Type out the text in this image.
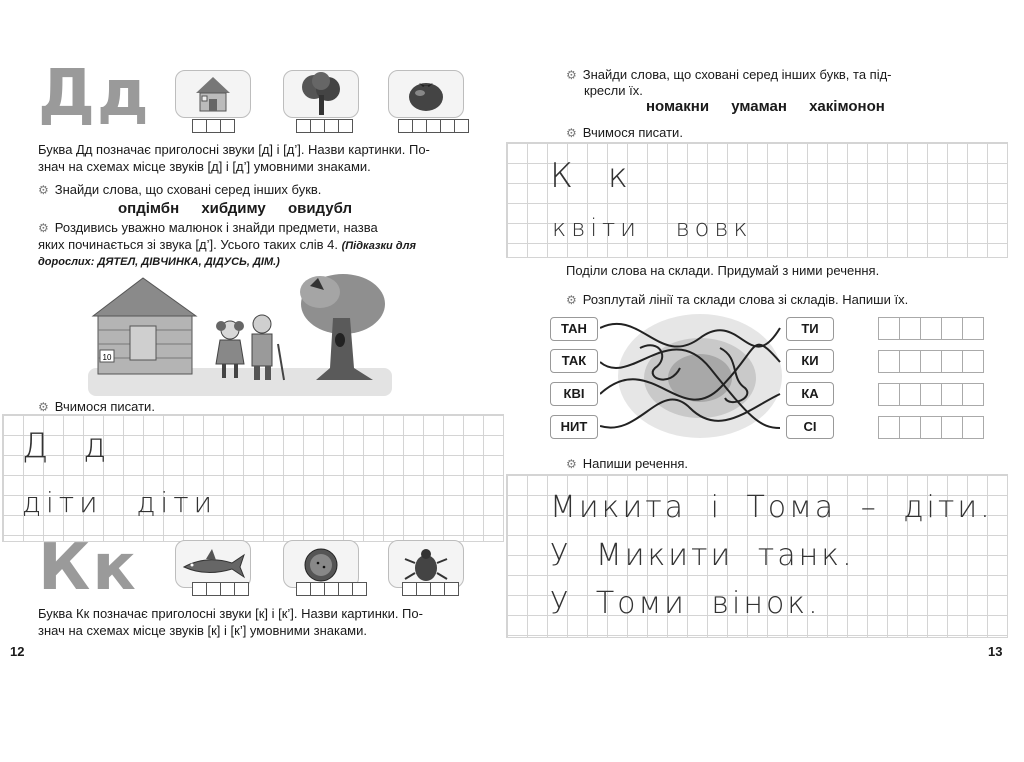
Дд
Буква Дд позначає приголосні звуки [д] і [д’]. Назви картинки. По-
знач на схемах місце звуків [д] і [д’] умовними знаками.
⚙ Знайди слова, що сховані серед інших букв.
опдімбн хибдиму овидубл
⚙ Роздивись уважно малюнок і знайди предмети, назва
яких починається зі звука [д’]. Усього таких слів 4. (Підказки для
дорослих: ДЯТЕЛ, ДІВЧИНКА, ДІДУСЬ, ДІМ.)
10
⚙ Вчимося писати.
Д д
діти діти
Кк
Буква Кк позначає приголосні звуки [к] і [к’]. Назви картинки. По-
знач на схемах місце звуків [к] і [к’] умовними знаками.
12
⚙ Знайди слова, що сховані серед інших букв, та під-
кресли їх.
номакни умаман хакімонон
⚙ Вчимося писати.
К к
квіти вовк
Поділи слова на склади. Придумай з ними речення.
⚙ Розплутай лінії та склади слова зі складів. Напиши їх.
ТАН
ТАК
КВІ
НИТ
ТИ
КИ
КА
СІ
⚙ Напиши речення.
Микита і Тома – діти.
У Микити танк.
У Томи вінок.
13
